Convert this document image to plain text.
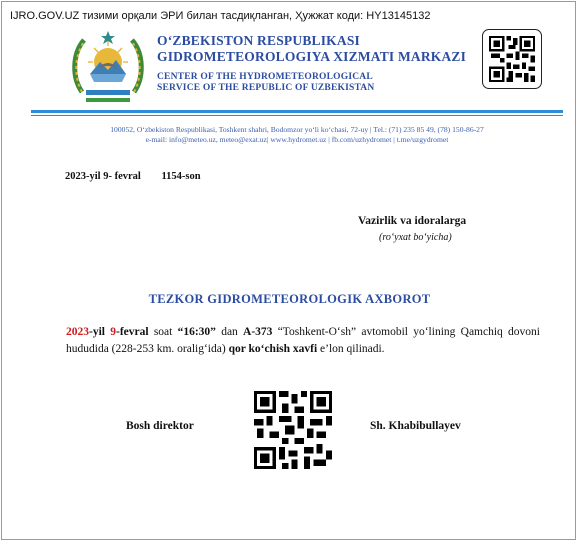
IJRO.GOV.UZ тизими орқали ЭРИ билан тасдиқланган, Ҳужжат коди: HY13145132
O‘ZBEKISTON RESPUBLIKASI
GIDROMETEOROLOGIYA XIZMATI MARKAZI
CENTER OF THE HYDROMETEOROLOGICAL
SERVICE OF THE REPUBLIC OF UZBEKISTAN
100052, O‘zbekiston Respublikasi, Toshkent shahri, Bodomzor yo‘li ko‘chasi, 72-uy | Tel.: (71) 235 85 49, (78) 150-86-27
e-mail: info@meteo.uz, meteo@exat.uz| www.hydromet.uz | fb.com/uzhydromet | t.me/uzgydromet
2023-yil 9- fevral 1154-son
Vazirlik va idoralarga
(ro‘yxat bo‘yicha)
TEZKOR GIDROMETEOROLOGIK AXBOROT
2023-yil 9-fevral soat “16:30” dan A-373 “Toshkent-O‘sh” avtomobil yo‘lining Qamchiq dovoni hududida (228-253 km. oralig‘ida) qor ko‘chish xavfi e’lon qilinadi.
Bosh direktor	Sh. Khabibullayev
